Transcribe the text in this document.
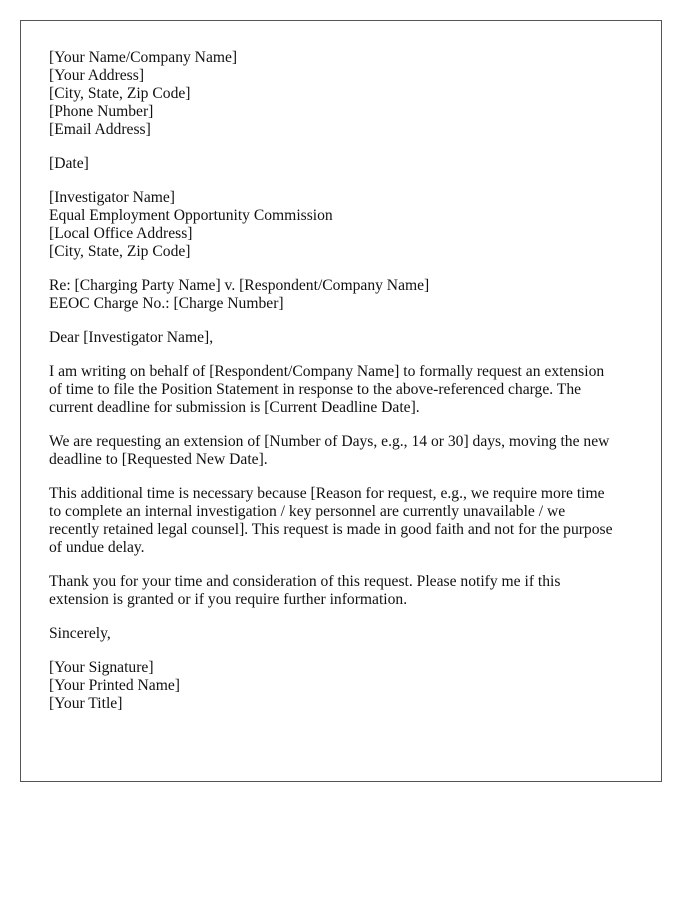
[Your Name/Company Name]
[Your Address]
[City, State, Zip Code]
[Phone Number]
[Email Address]
[Date]
[Investigator Name]
Equal Employment Opportunity Commission
[Local Office Address]
[City, State, Zip Code]
Re: [Charging Party Name] v. [Respondent/Company Name]
EEOC Charge No.: [Charge Number]
Dear [Investigator Name],
I am writing on behalf of [Respondent/Company Name] to formally request an extension
of time to file the Position Statement in response to the above-referenced charge. The
current deadline for submission is [Current Deadline Date].
We are requesting an extension of [Number of Days, e.g., 14 or 30] days, moving the new
deadline to [Requested New Date].
This additional time is necessary because [Reason for request, e.g., we require more time
to complete an internal investigation / key personnel are currently unavailable / we
recently retained legal counsel]. This request is made in good faith and not for the purpose
of undue delay.
Thank you for your time and consideration of this request. Please notify me if this
extension is granted or if you require further information.
Sincerely,
[Your Signature]
[Your Printed Name]
[Your Title]
